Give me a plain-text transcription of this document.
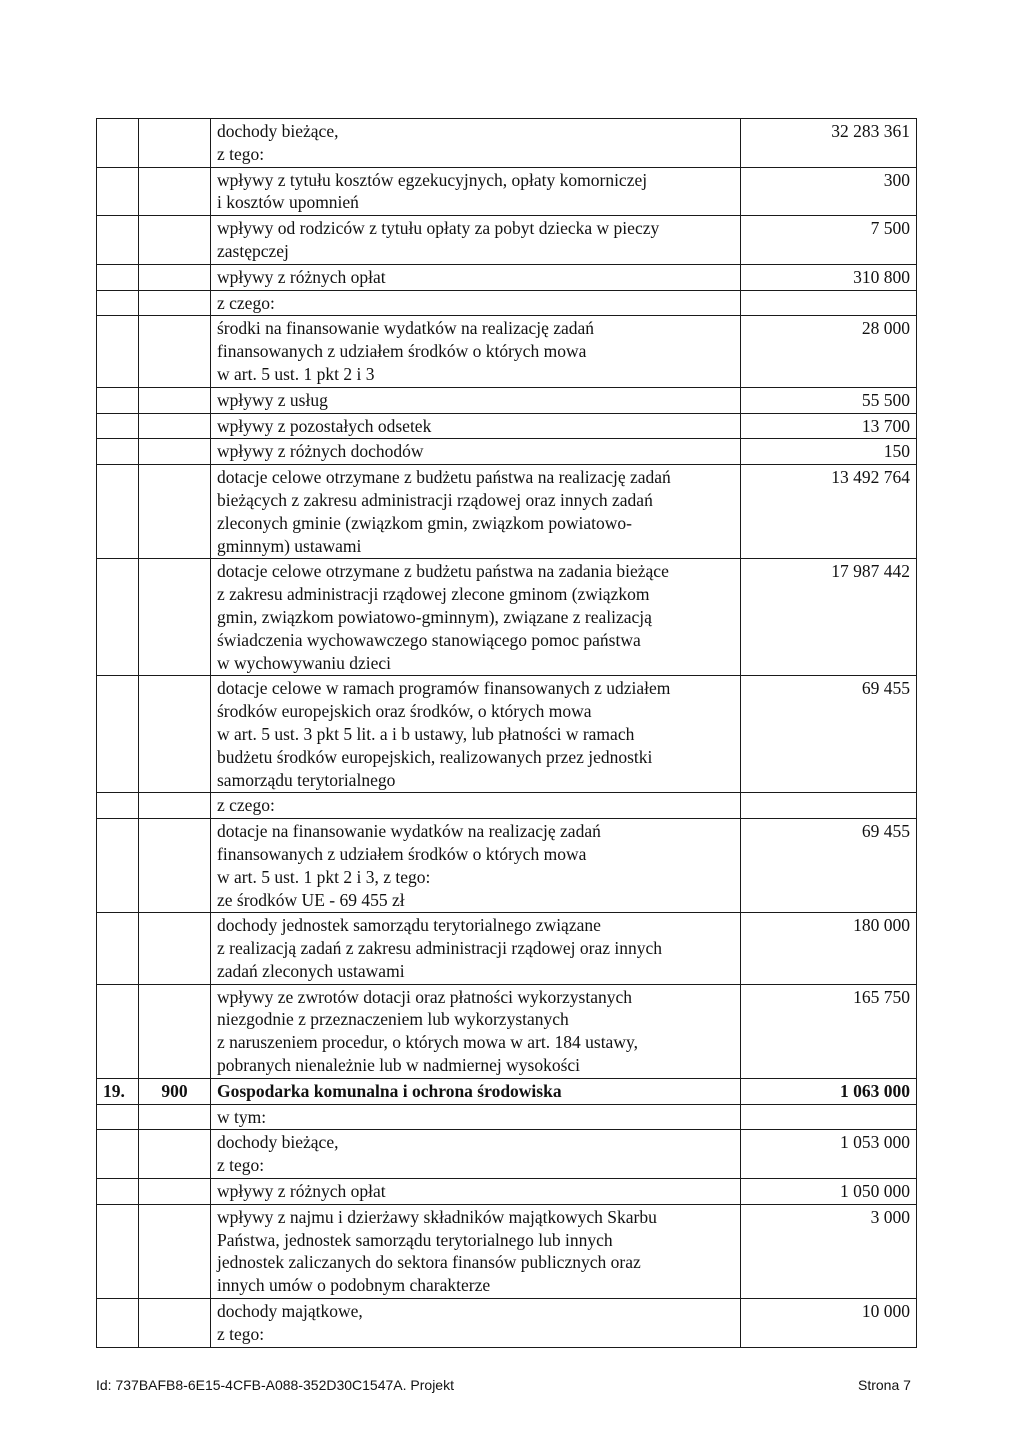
		dochody bieżące,
z tego:	32 283 361

		wpływy z tytułu kosztów egzekucyjnych, opłaty komorniczej
i kosztów upomnień	300

		wpływy od rodziców z tytułu opłaty za pobyt dziecka w pieczy
zastępczej	7 500

		wpływy z różnych opłat	310 800

		z czego:	

		środki na finansowanie wydatków na realizację zadań
finansowanych z udziałem środków o których mowa
w art. 5 ust. 1 pkt 2 i 3	28 000

		wpływy z usług	55 500

		wpływy z pozostałych odsetek	13 700

		wpływy z różnych dochodów	150

		dotacje celowe otrzymane z budżetu państwa na realizację zadań
bieżących z zakresu administracji rządowej oraz innych zadań
zleconych gminie (związkom gmin, związkom powiatowo-
gminnym) ustawami	13 492 764

		dotacje celowe otrzymane z budżetu państwa na zadania bieżące
z zakresu administracji rządowej zlecone gminom (związkom
gmin, związkom powiatowo-gminnym), związane z realizacją
świadczenia wychowawczego stanowiącego pomoc państwa
w wychowywaniu dzieci	17 987 442

		dotacje celowe w ramach programów finansowanych z udziałem
środków europejskich oraz środków, o których mowa
w art. 5 ust. 3 pkt 5 lit. a i b ustawy, lub płatności w ramach
budżetu środków europejskich, realizowanych przez jednostki
samorządu terytorialnego	69 455

		z czego:	

		dotacje na finansowanie wydatków na realizację zadań
finansowanych z udziałem środków o których mowa
w art. 5 ust. 1 pkt 2 i 3, z tego:
ze środków UE - 69 455 zł	69 455

		dochody jednostek samorządu terytorialnego związane
z realizacją zadań z zakresu administracji rządowej oraz innych
zadań zleconych ustawami	180 000

		wpływy ze zwrotów dotacji oraz płatności wykorzystanych
niezgodnie z przeznaczeniem lub wykorzystanych
z naruszeniem procedur, o których mowa w art. 184 ustawy,
pobranych nienależnie lub w nadmiernej wysokości	165 750
19.	900	Gospodarka komunalna i ochrona środowiska	1 063 000

		w tym:	

		dochody bieżące,
z tego:	1 053 000

		wpływy z różnych opłat	1 050 000

		wpływy z najmu i dzierżawy składników majątkowych Skarbu
Państwa, jednostek samorządu terytorialnego lub innych
jednostek zaliczanych do sektora finansów publicznych oraz
innych umów o podobnym charakterze	3 000

		dochody majątkowe,
z tego:	10 000
Id: 737BAFB8-6E15-4CFB-A088-352D30C1547A. Projekt	Strona 7
